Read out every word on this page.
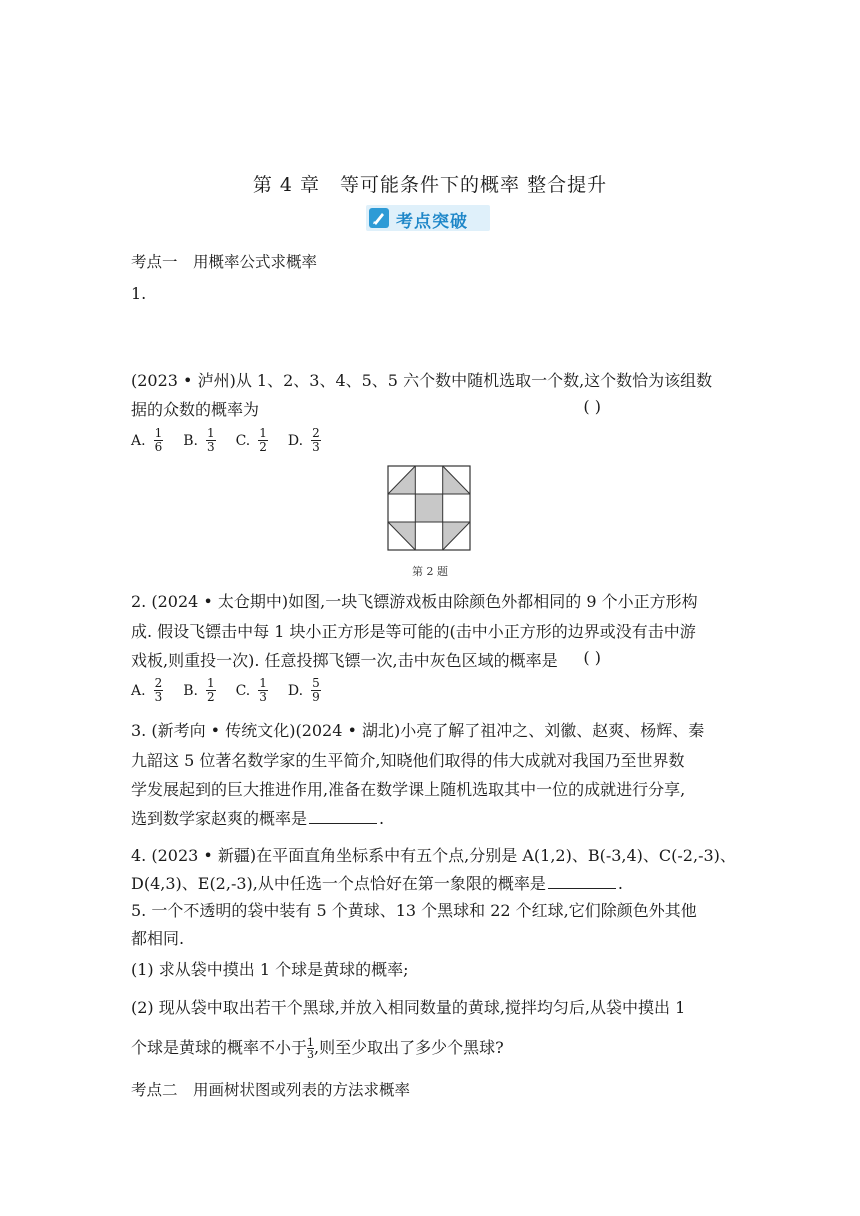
第 4 章　等可能条件下的概率 整合提升
考点突破
考点一　用概率公式求概率
1.
(2023 • 泸州)从 1、2、3、4、5、5 六个数中随机选取一个数,这个数恰为该组数
据的众数的概率为	( )
A. $\frac{1}{6} B$. $\frac{1}{3} C$. $\frac{1}{2} D$. $\frac{2}{3}$
第 2 题
2. (2024 • 太仓期中)如图,一块飞镖游戏板由除颜色外都相同的 9 个小正方形构
成. 假设飞镖击中每 1 块小正方形是等可能的(击中小正方形的边界或没有击中游
戏板,则重投一次). 任意投掷飞镖一次,击中灰色区域的概率是 ( )
A. $\frac{2}{3} B$. $\frac{1}{2} C$. $\frac{1}{3} D$. $\frac{5}{9}$
3. (新考向 • 传统文化)(2024 • 湖北)小亮了解了祖冲之、刘徽、赵爽、杨辉、秦
九韶这 5 位著名数学家的生平简介,知晓他们取得的伟大成就对我国乃至世界数
学发展起到的巨大推进作用,准备在数学课上随机选取其中一位的成就进行分享,
选到数学家赵爽的概率是	.
4. (2023 • 新疆)在平面直角坐标系中有五个点,分别是 A(1,2)、B(-3,4)、C(-2,-3)、
D(4,3)、E(2,-3),从中任选一个点恰好在第一象限的概率是	.
5. 一个不透明的袋中装有 5 个黄球、13 个黑球和 22 个红球,它们除颜色外其他
都相同.
(1) 求从袋中摸出 1 个球是黄球的概率;
(2) 现从袋中取出若干个黑球,并放入相同数量的黄球,搅拌均匀后,从袋中摸出 1
个球是黄球的概率不小于 $\frac{1}{3}$ ,则至少取出了多少个黑球?
考点二　用画树状图或列表的方法求概率
